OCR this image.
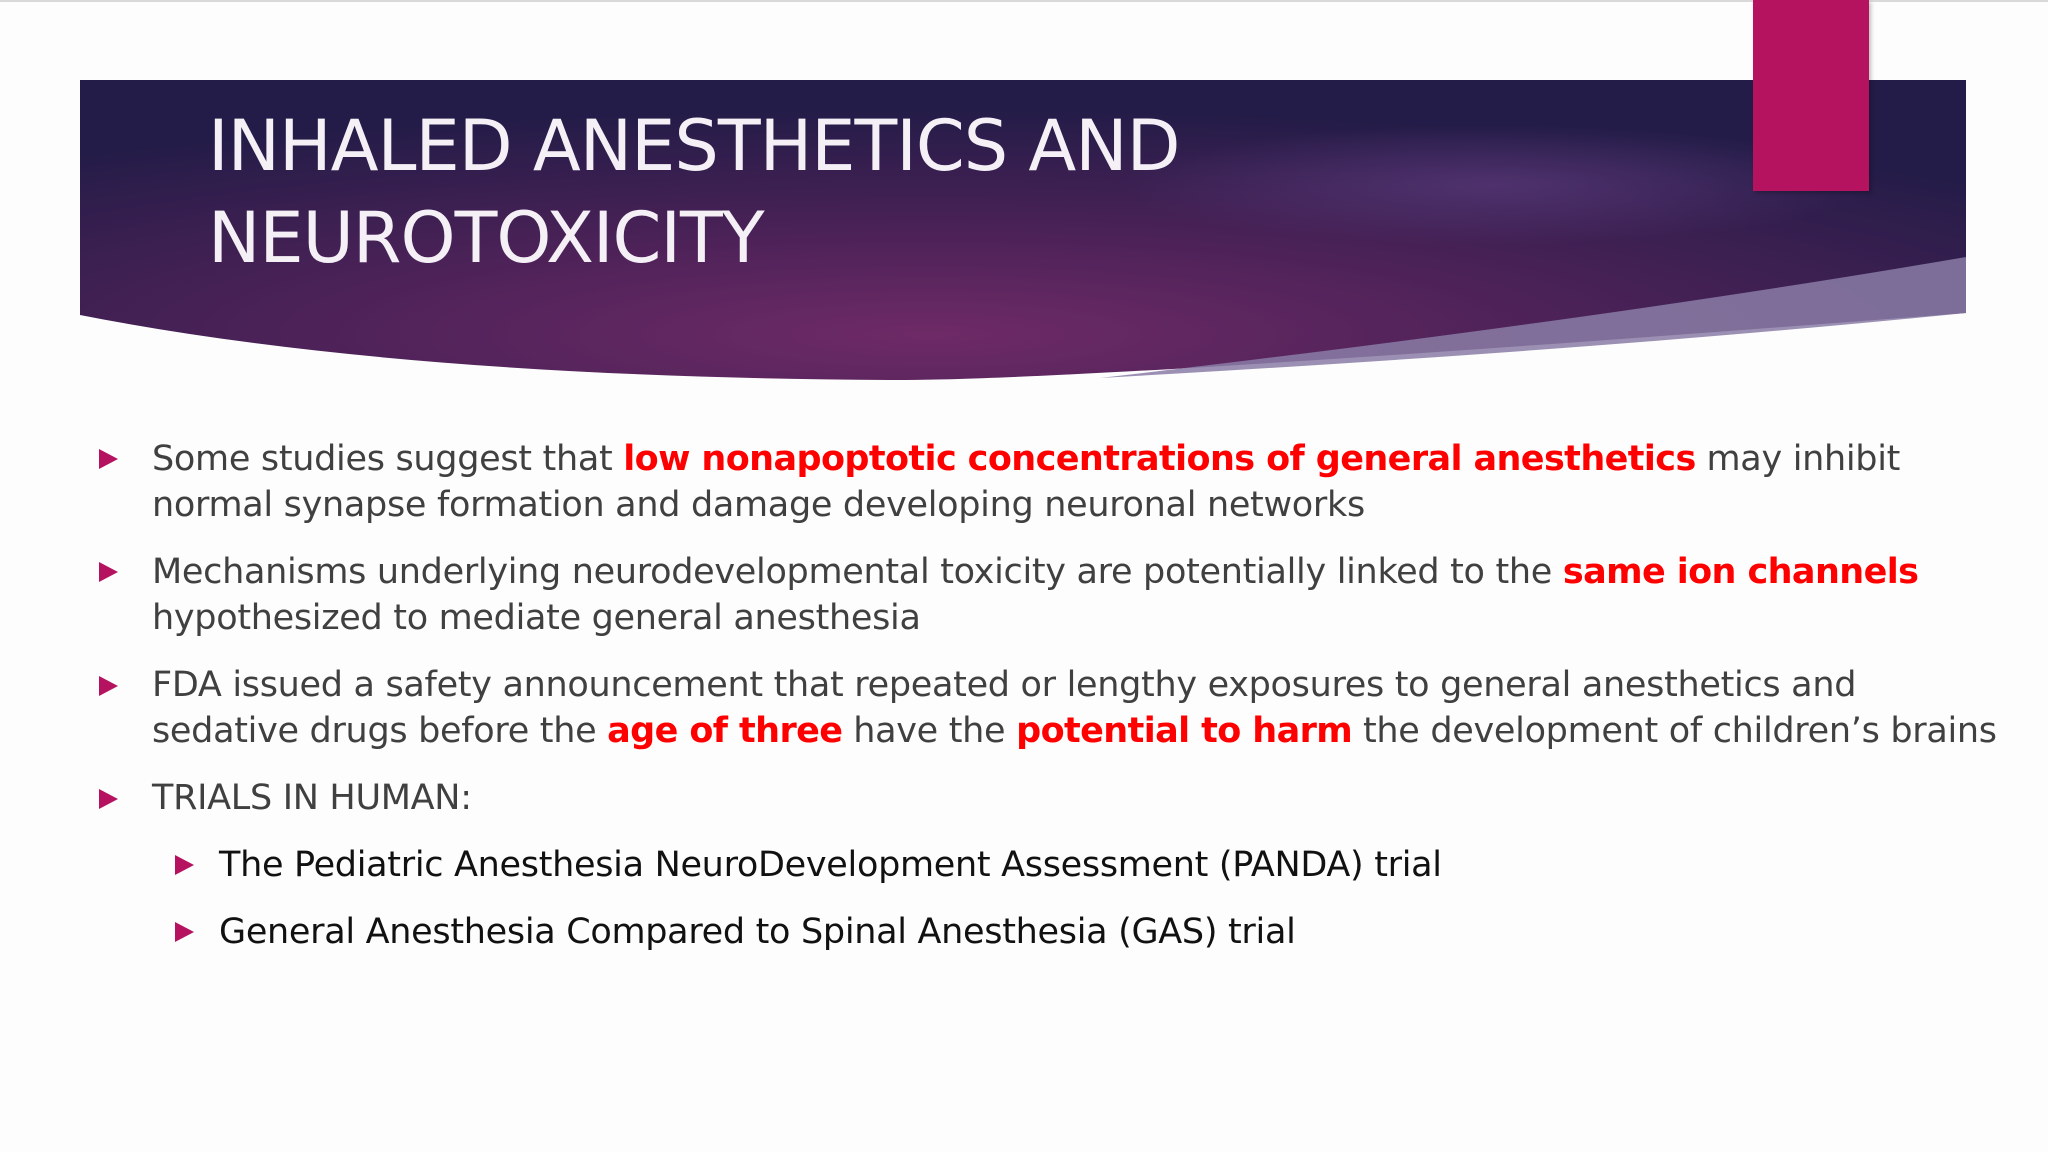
INHALED ANESTHETICS AND
NEUROTOXICITY
Some studies suggest that low nonapoptotic concentrations of general anesthetics may inhibit
normal synapse formation and damage developing neuronal networks
Mechanisms underlying neurodevelopmental toxicity are potentially linked to the same ion channels
hypothesized to mediate general anesthesia
FDA issued a safety announcement that repeated or lengthy exposures to general anesthetics and
sedative drugs before the age of three have the potential to harm the development of children’s brains
TRIALS IN HUMAN:
The Pediatric Anesthesia NeuroDevelopment Assessment (PANDA) trial
General Anesthesia Compared to Spinal Anesthesia (GAS) trial
